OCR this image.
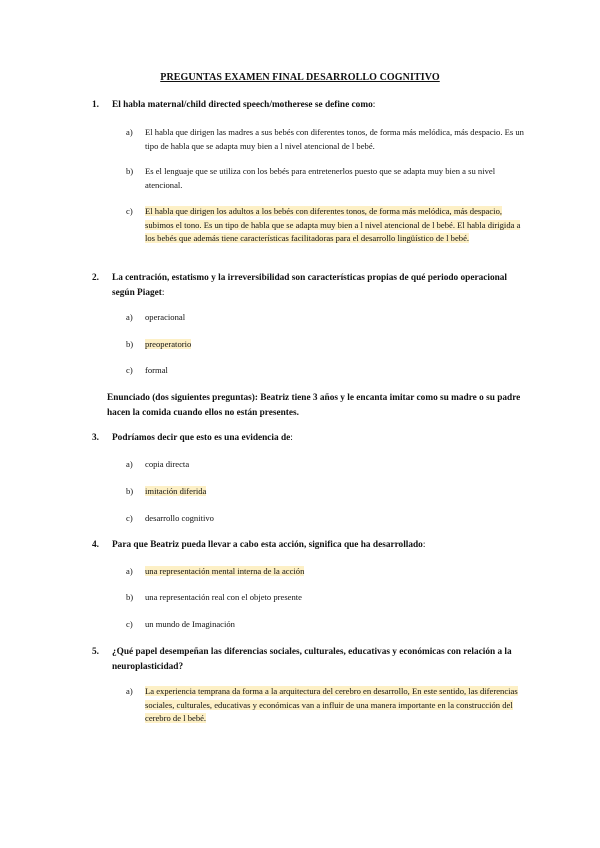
PREGUNTAS EXAMEN FINAL DESARROLLO COGNITIVO
1. El habla maternal/child directed speech/motherese se define como:
a) El habla que dirigen las madres a sus bebés con diferentes tonos, de forma más melódica, más despacio. Es un tipo de habla que se adapta muy bien a l nivel atencional de l bebé.
b) Es el lenguaje que se utiliza con los bebés para entretenerlos puesto que se adapta muy bien a su nivel atencional.
c) El habla que dirigen los adultos a los bebés con diferentes tonos, de forma más melódica, más despacio, subimos el tono. Es un tipo de habla que se adapta muy bien a l nivel atencional de l bebé. El habla dirigida a los bebés que además tiene características facilitadoras para el desarrollo lingüístico de l bebé.
2. La centración, estatismo y la irreversibilidad son características propias de qué periodo operacional según Piaget:
a) operacional
b) preoperatorio
c) formal
Enunciado (dos siguientes preguntas): Beatriz tiene 3 años y le encanta imitar como su madre o su padre hacen la comida cuando ellos no están presentes.
3. Podríamos decir que esto es una evidencia de:
a) copia directa
b) imitación diferida
c) desarrollo cognitivo
4. Para que Beatriz pueda llevar a cabo esta acción, significa que ha desarrollado:
a) una representación mental interna de la acción
b) una representación real con el objeto presente
c) un mundo de Imaginación
5. ¿Qué papel desempeñan las diferencias sociales, culturales, educativas y económicas con relación a la neuroplasticidad?
a) La experiencia temprana da forma a la arquitectura del cerebro en desarrollo, En este sentido, las diferencias sociales, culturales, educativas y económicas van a influir de una manera importante en la construcción del cerebro de l bebé.
